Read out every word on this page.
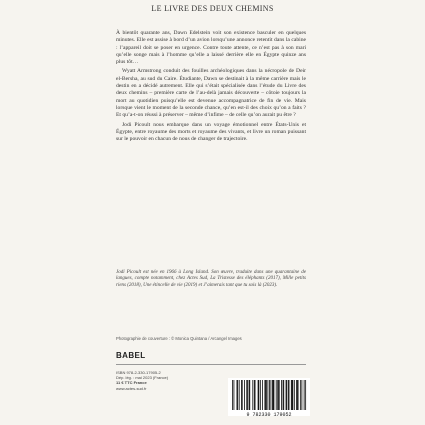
LE LIVRE DES DEUX CHEMINS

À bientôt quarante ans, Dawn Edelstein voit son existence basculer en quelques minutes. Elle est assise à bord d’un avion lorsqu’une annonce retentit dans la cabine : l’appareil doit se poser en urgence. Contre toute attente, ce n’est pas à son mari qu’elle songe mais à l’homme qu’elle a laissé derrière elle en Égypte quinze ans plus tôt…

Wyatt Armstrong conduit des fouilles archéologiques dans la nécropole de Deir el-Bersha, au sud du Caire. Étudiante, Dawn se destinait à la même carrière mais le destin en a décidé autrement. Elle qui s’était spécialisée dans l’étude du Livre des deux chemins – première carte de l’au-delà jamais découverte – côtoie toujours la mort au quotidien puisqu’elle est devenue accompagnatrice de fin de vie. Mais lorsque vient le moment de la seconde chance, qu’en est-il des choix qu’on a faits ? Et qu’a-t-on réussi à préserver – même d’infime – de celle qu’on aurait pu être ?

Jodi Picoult nous embarque dans un voyage émotionnel entre États-Unis et Égypte, entre royaume des morts et royaume des vivants, et livre un roman puissant sur le pouvoir en chacun de nous de changer de trajectoire.

Jodi Picoult est née en 1966 à Long Island. Son œuvre, traduite dans une quarantaine de langues, compte notamment, chez Actes Sud, La Tristesse des éléphants (2017), Mille petits riens (2018), Une étincelle de vie (2019) et J’aimerais tant que tu sois là (2023).
Photographie de couverture : © Monica Quintana / Arcangel Images
BABEL
ISBN 978-2-330-17905-2
Dép. lég. : mai 2023 (France)
11 € TTC France
www.actes-sud.fr
9 782330 179052
